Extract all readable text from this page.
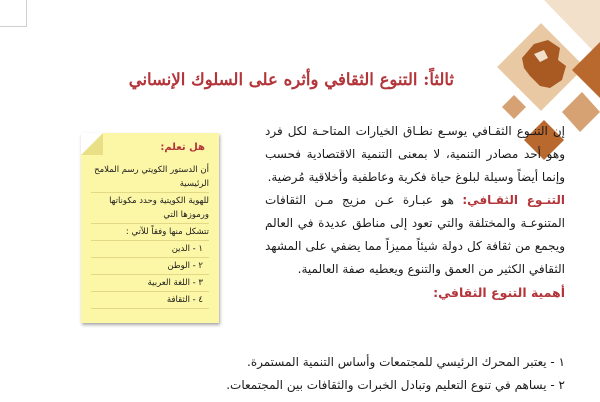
ثالثاً: التنوع الثقافي وأثره على السلوك الإنساني

إن التنـوع الثقـافي يوسـع نطـاق الخيارات المتاحـة لكل فرد وهو أحد مصادر التنمية، لا بمعنى التنمية الاقتصادية فحسب وإنما أيضاً وسيلة لبلوغ حياة فكرية وعاطفية وأخلاقية مُرضية.

التنـوع الثقـافي: هو عبـارة عـن مزيج مـن الثقافات المتنوعـة والمختلفة والتي تعود إلى مناطق عديدة في العالم ويجمع من ثقافة كل دولة شيئاً مميزاً مما يضفي على المشهد الثقافي الكثير من العمق والتنوع ويعطيه صفة العالمية.

أهمية التنوع الثقافي:
١ - يعتبر المحرك الرئيسي للمجتمعات وأساس التنمية المستمرة.
٢ - يساهم في تنوع التعليم وتبادل الخبرات والثقافات بين المجتمعات.
هل تعلم:
أن الدستور الكويتي رسم الملامح الرئيسية
للهوية الكويتية وحدد مكوناتها ورموزها التي
تتشكل منها وفقاً للآتي :
١ - الدين
٢ - الوطن
٣ - اللغة العربية
٤ - الثقافة
